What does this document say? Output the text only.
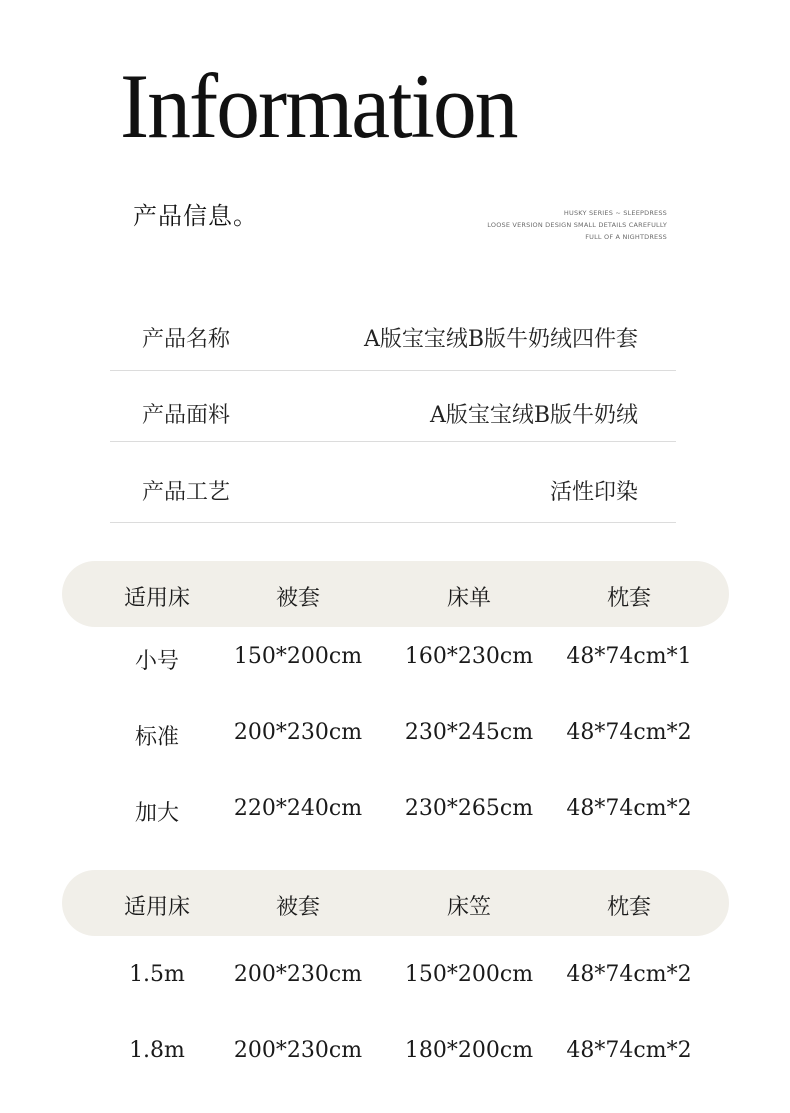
Information
产品信息。	HUSKY SERIES ~ SLEEPDRESS
LOOSE VERSION DESIGN SMALL DETAILS CAREFULLY
FULL OF A NIGHTDRESS
产品名称	A版宝宝绒B版牛奶绒四件套
产品面料	A版宝宝绒B版牛奶绒
产品工艺	活性印染
适用床	被套	床单	枕套
小号	150*200cm	160*230cm	48*74cm*1
标准	200*230cm	230*245cm	48*74cm*2
加大	220*240cm	230*265cm	48*74cm*2
适用床	被套	床笠	枕套
1.5m	200*230cm	150*200cm	48*74cm*2
1.8m	200*230cm	180*200cm	48*74cm*2
